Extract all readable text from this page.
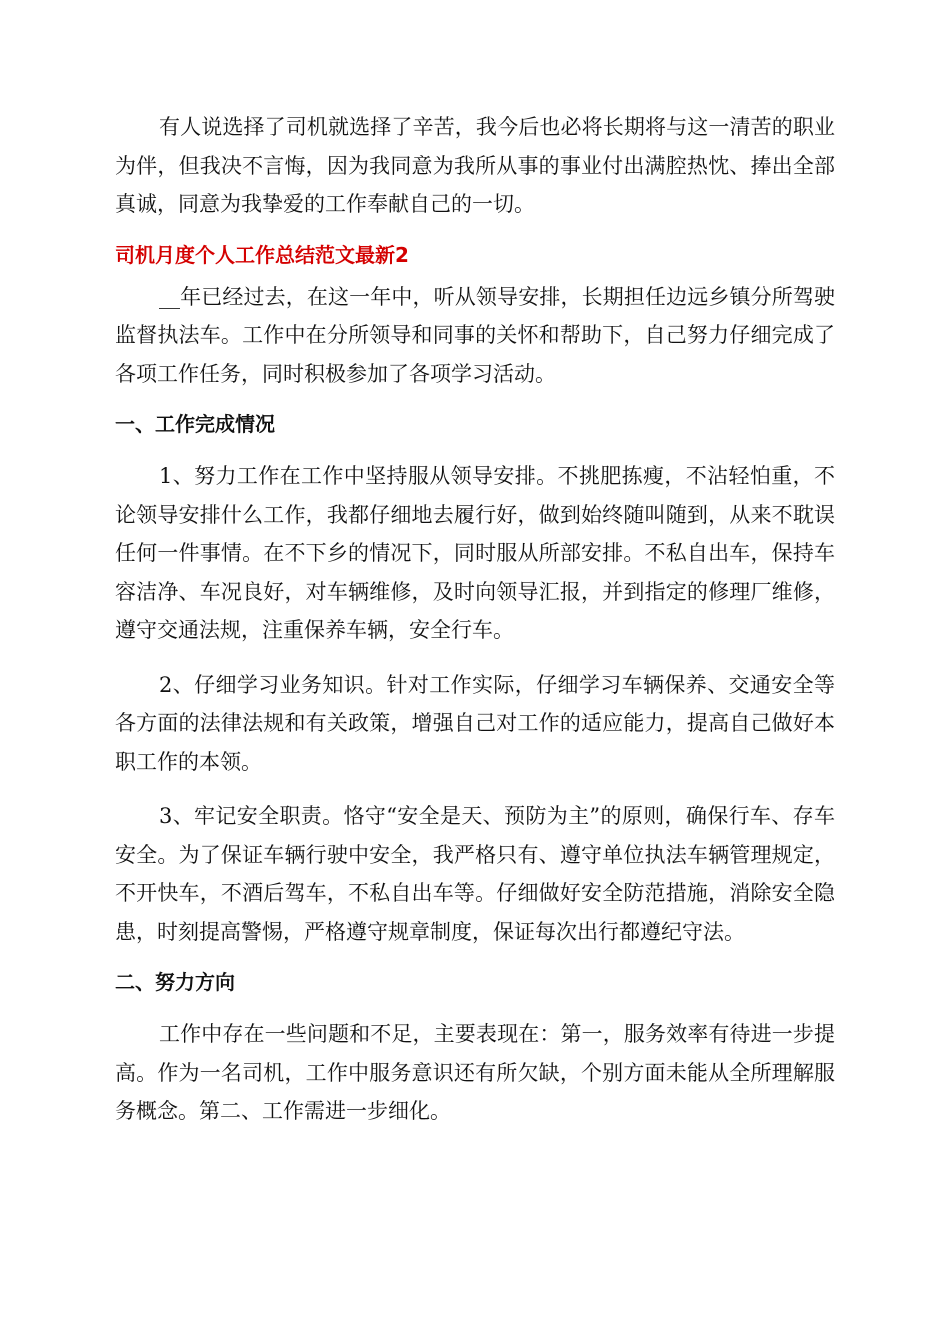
有人说选择了司机就选择了辛苦，我今后也必将长期将与这一清苦的职业为伴，但我决不言悔，因为我同意为我所从事的事业付出满腔热忱、捧出全部真诚，同意为我挚爱的工作奉献自己的一切。

司机月度个人工作总结范文最新2

__年已经过去，在这一年中，听从领导安排，长期担任边远乡镇分所驾驶监督执法车。工作中在分所领导和同事的关怀和帮助下，自己努力仔细完成了各项工作任务，同时积极参加了各项学习活动。

一、工作完成情况

1、努力工作在工作中坚持服从领导安排。不挑肥拣瘦，不沾轻怕重，不论领导安排什么工作，我都仔细地去履行好，做到始终随叫随到，从来不耽误任何一件事情。在不下乡的情况下，同时服从所部安排。不私自出车，保持车容洁净、车况良好，对车辆维修，及时向领导汇报，并到指定的修理厂维修，遵守交通法规，注重保养车辆，安全行车。

2、仔细学习业务知识。针对工作实际，仔细学习车辆保养、交通安全等各方面的法律法规和有关政策，增强自己对工作的适应能力，提高自己做好本职工作的本领。

3、牢记安全职责。恪守“安全是天、预防为主”的原则，确保行车、存车安全。为了保证车辆行驶中安全，我严格只有、遵守单位执法车辆管理规定，不开快车，不酒后驾车，不私自出车等。仔细做好安全防范措施，消除安全隐患，时刻提高警惕，严格遵守规章制度，保证每次出行都遵纪守法。

二、努力方向

工作中存在一些问题和不足，主要表现在：第一，服务效率有待进一步提高。作为一名司机，工作中服务意识还有所欠缺，个别方面未能从全所理解服务概念。第二、工作需进一步细化。
